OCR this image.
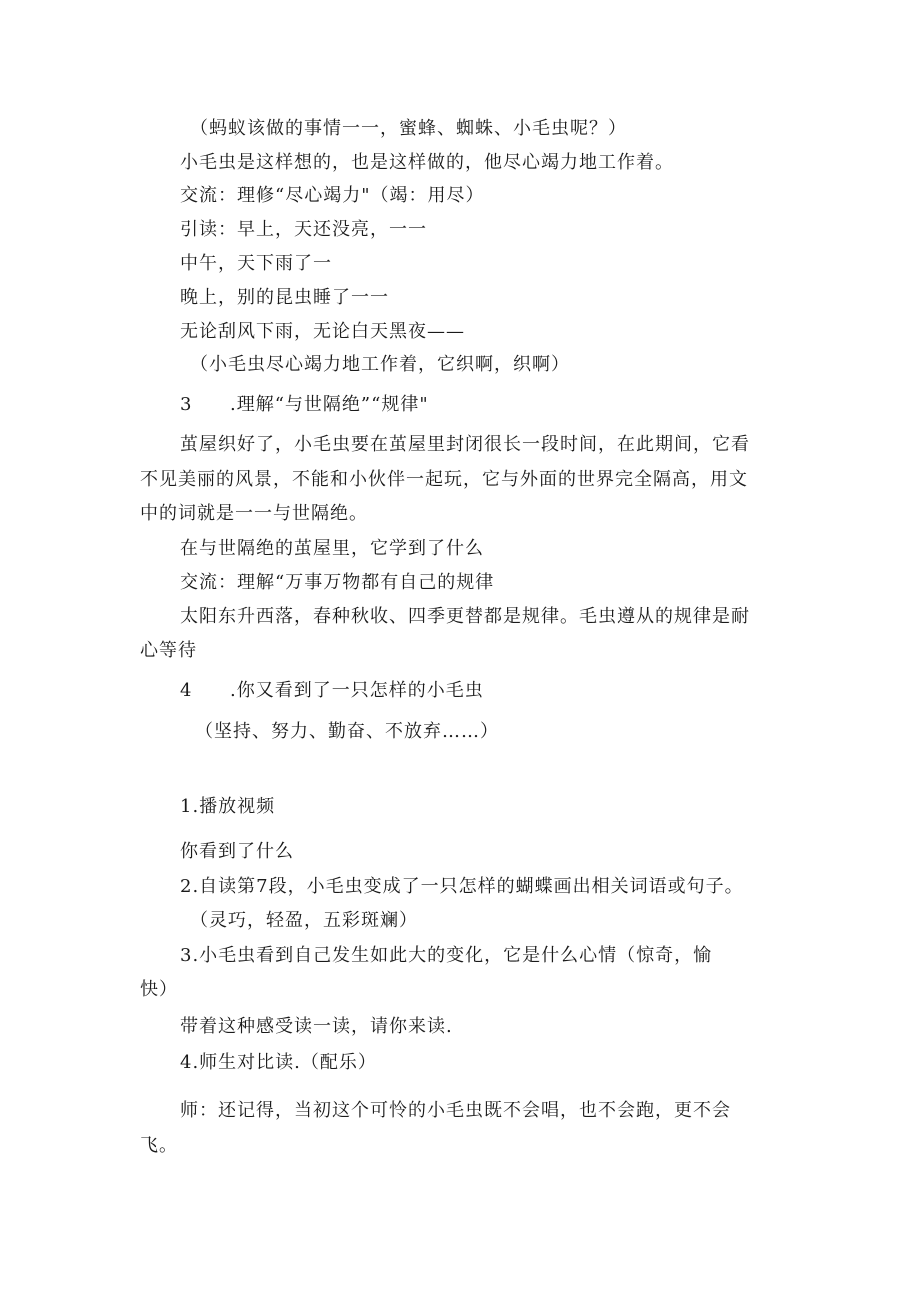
（蚂蚁该做的事情一一，蜜蜂、蜘蛛、小毛虫呢？）
小毛虫是这样想的，也是这样做的，他尽心竭力地工作着。
交流：理修“尽心竭力"（竭：用尽）
引读：早上，天还没亮，一一
中午，天下雨了一
晚上，别的昆虫睡了一一
无论刮风下雨，无论白天黑夜——
（小毛虫尽心竭力地工作着，它织啊，织啊）
3 .理解“与世隔绝”“规律"
茧屋织好了，小毛虫要在茧屋里封闭很长一段时间，在此期间，它看
不见美丽的风景，不能和小伙伴一起玩，它与外面的世界完全隔高，用文
中的词就是一一与世隔绝。
在与世隔绝的茧屋里，它学到了什么
交流：理解“万事万物都有自己的规律
太阳东升西落，春种秋收、四季更替都是规律。毛虫遵从的规律是耐
心等待
4 .你又看到了一只怎样的小毛虫
（坚持、努力、勤奋、不放弃……）
1.播放视频
你看到了什么
2.自读第7段，小毛虫变成了一只怎样的蝴蝶画出相关词语或句子。
（灵巧，轻盈，五彩斑斓）
3.小毛虫看到自己发生如此大的变化，它是什么心情（惊奇，愉
快）
带着这种感受读一读，请你来读.
4.师生对比读.（配乐）
师：还记得，当初这个可怜的小毛虫既不会唱，也不会跑，更不会
飞。
